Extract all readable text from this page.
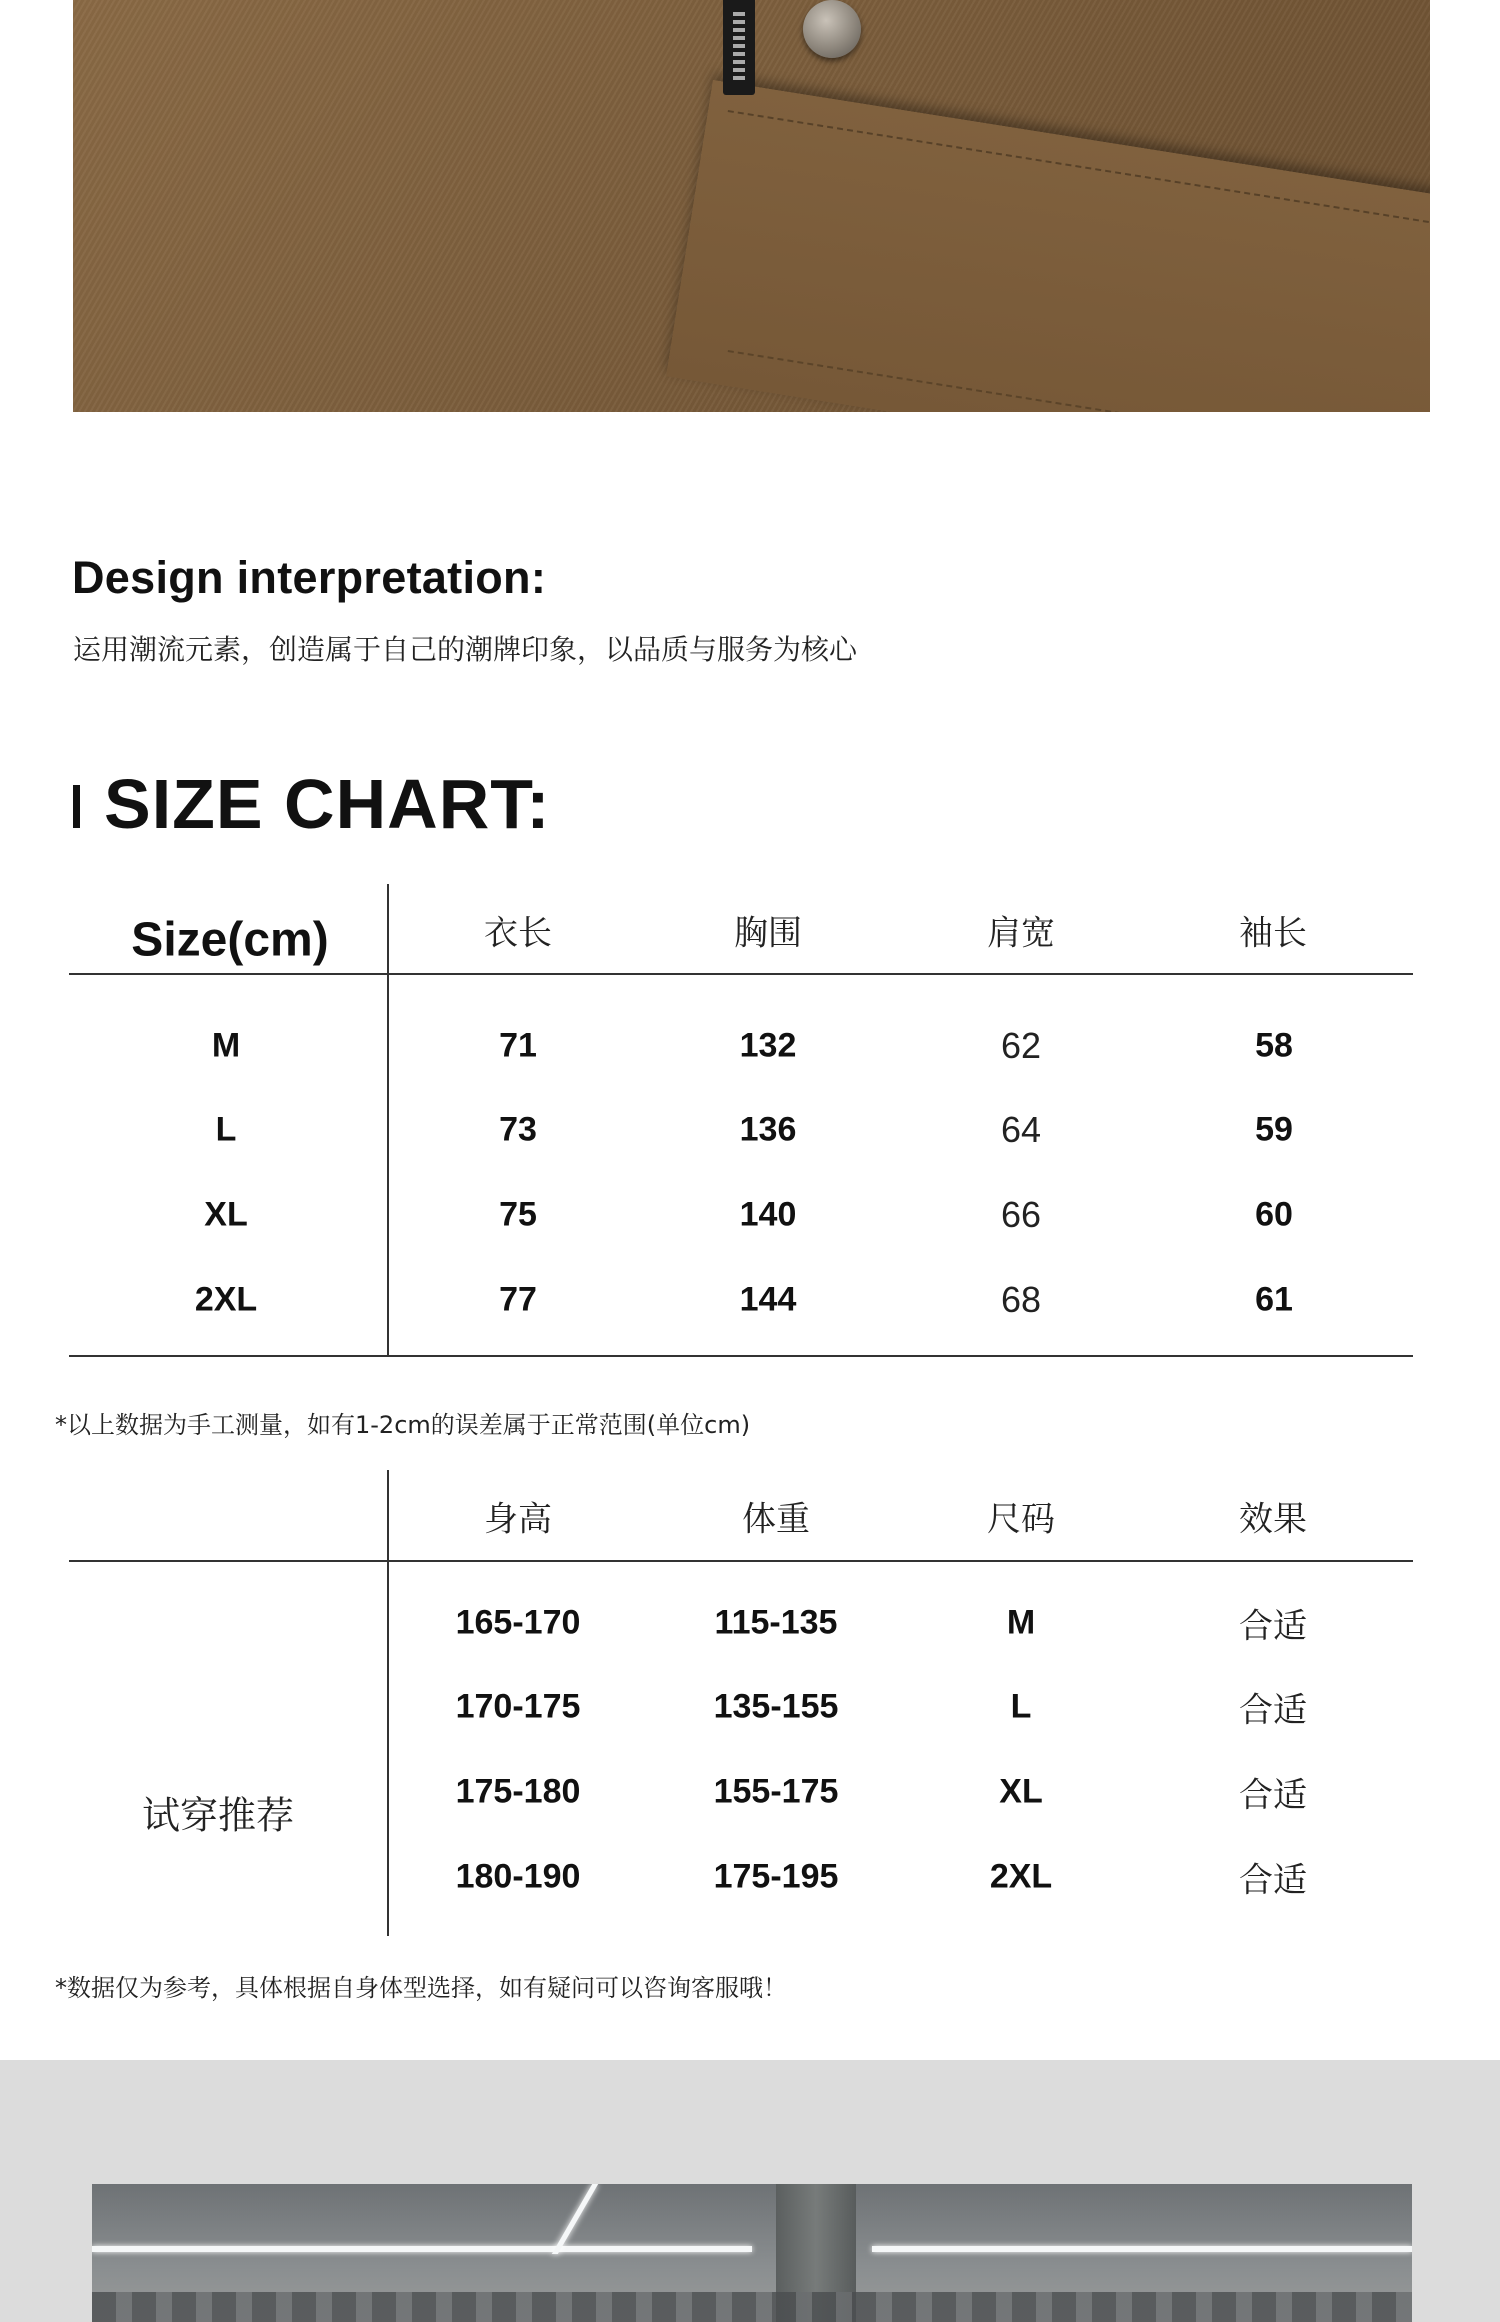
Design interpretation:
运用潮流元素，创造属于自己的潮牌印象，以品质与服务为核心
SIZE CHART:
Size(cm)	衣长	胸围	肩宽	袖长
M	71	132	62	58
L	73	136	64	59
XL	75	140	66	60
2XL	77	144	68	61
*以上数据为手工测量，如有1-2cm的误差属于正常范围(单位cm)
身高	体重	尺码	效果
试穿推荐
165-170	115-135	M	合适
170-175	135-155	L	合适
175-180	155-175	XL	合适
180-190	175-195	2XL	合适
*数据仅为参考，具体根据自身体型选择，如有疑问可以咨询客服哦！
